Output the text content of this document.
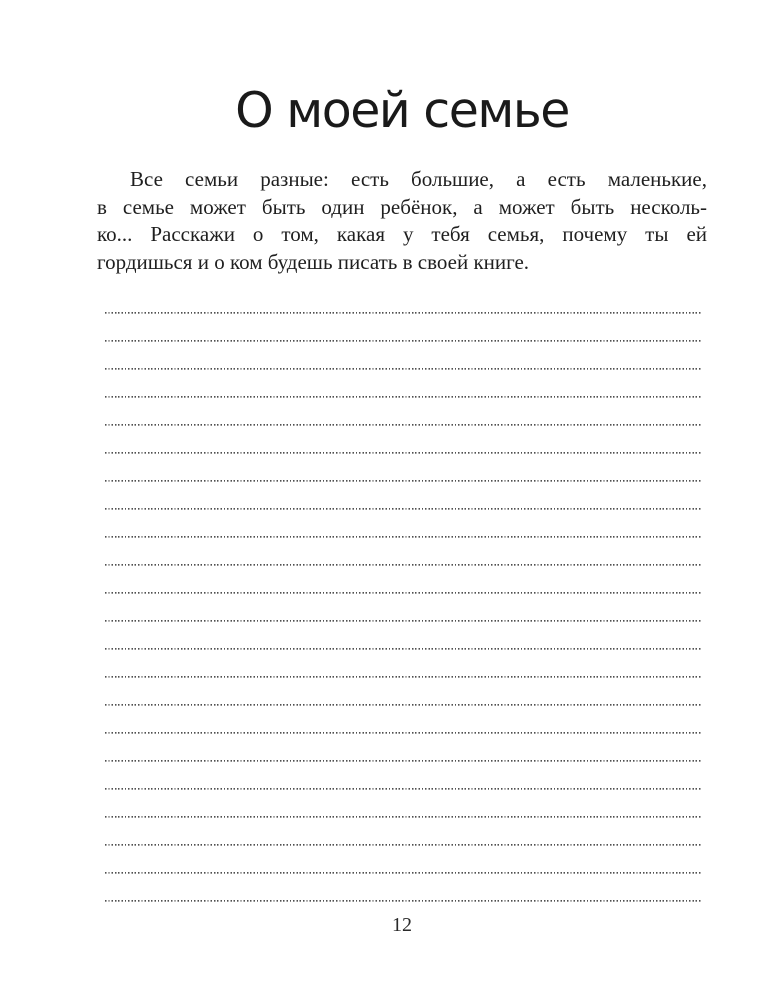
О моей семье

Все семьи разные: есть большие, а есть маленькие,

в семье может быть один ребёнок, а может быть несколь-

ко... Расскажи о том, какая у тебя семья, почему ты ей

гордишься и о ком будешь писать в своей книге.

12
